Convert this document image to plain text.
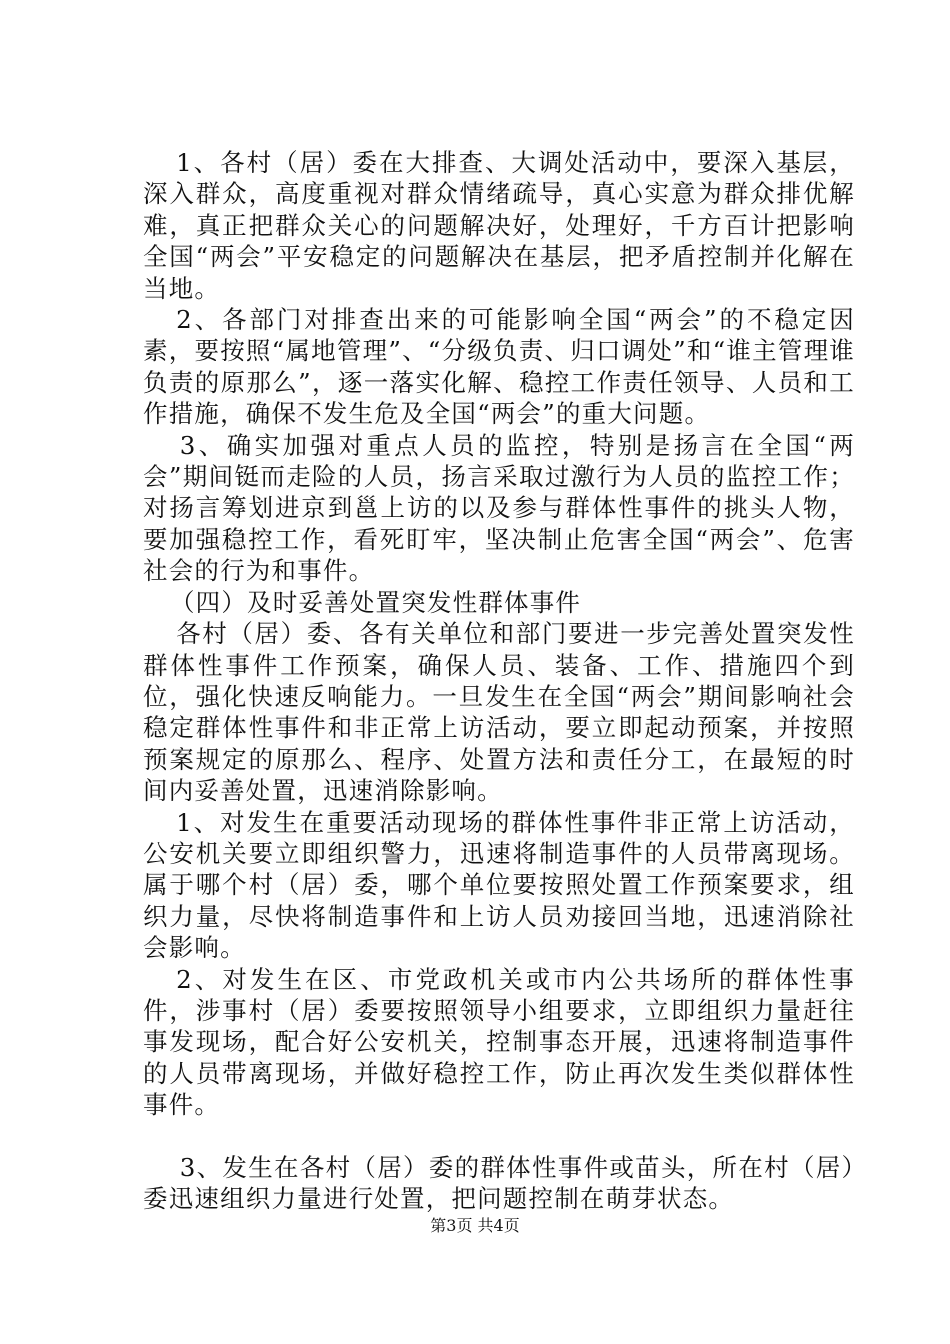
1、各村（居）委在大排查、大调处活动中，要深入基层，深入群众，高度重视对群众情绪疏导，真心实意为群众排优解难，真正把群众关心的问题解决好，处理好，千方百计把影响全国“两会”平安稳定的问题解决在基层，把矛盾控制并化解在当地。

2、各部门对排查出来的可能影响全国“两会”的不稳定因素，要按照“属地管理”、“分级负责、归口调处”和“谁主管理谁负责的原那么”，逐一落实化解、稳控工作责任领导、人员和工作措施，确保不发生危及全国“两会”的重大问题。

3、确实加强对重点人员的监控，特别是扬言在全国“两会”期间铤而走险的人员，扬言采取过激行为人员的监控工作；对扬言筹划进京到邕上访的以及参与群体性事件的挑头人物，要加强稳控工作，看死盯牢，坚决制止危害全国“两会”、危害社会的行为和事件。

（四）及时妥善处置突发性群体事件

各村（居）委、各有关单位和部门要进一步完善处置突发性群体性事件工作预案，确保人员、装备、工作、措施四个到位，强化快速反响能力。一旦发生在全国“两会”期间影响社会稳定群体性事件和非正常上访活动，要立即起动预案，并按照预案规定的原那么、程序、处置方法和责任分工，在最短的时间内妥善处置，迅速消除影响。

1、对发生在重要活动现场的群体性事件非正常上访活动，公安机关要立即组织警力，迅速将制造事件的人员带离现场。属于哪个村（居）委，哪个单位要按照处置工作预案要求，组织力量，尽快将制造事件和上访人员劝接回当地，迅速消除社会影响。

2、对发生在区、市党政机关或市内公共场所的群体性事件，涉事村（居）委要按照领导小组要求，立即组织力量赶往事发现场，配合好公安机关，控制事态开展，迅速将制造事件的人员带离现场，并做好稳控工作，防止再次发生类似群体性事件。

3、发生在各村（居）委的群体性事件或苗头，所在村（居）委迅速组织力量进行处置，把问题控制在萌芽状态。

第3页 共4页
